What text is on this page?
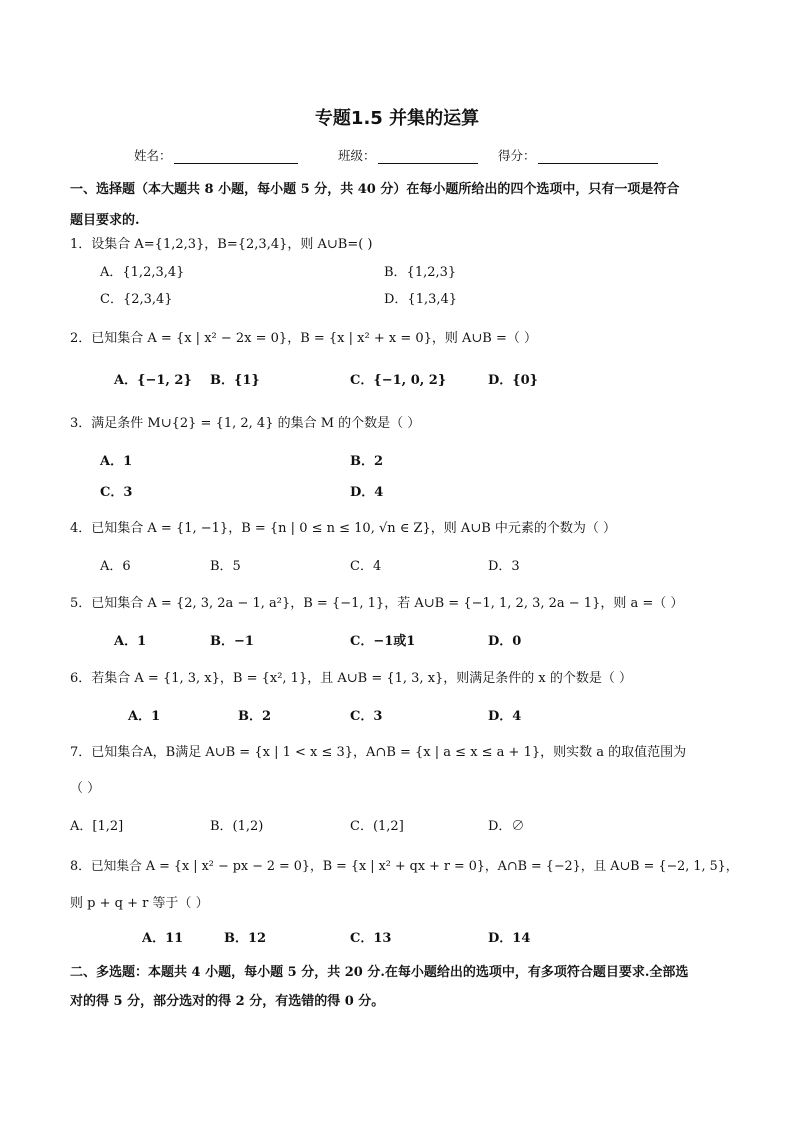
专题1.5 并集的运算
姓名：	班级：	得分：
一、选择题（本大题共 8 小题，每小题 5 分，共 40 分）在每小题所给出的四个选项中，只有一项是符合
题目要求的.
1．设集合 A={1,2,3}，B={2,3,4}，则 A∪B=( )
A．{1,2,3,4}	B．{1,2,3}
C．{2,3,4}	D．{1,3,4}
2．已知集合 A = {x | x² − 2x = 0}，B = {x | x² + x = 0}，则 A∪B =（ ）
A．{−1, 2} B．{1}	C．{−1, 0, 2}	D．{0}
3．满足条件 M∪{2} = {1, 2, 4} 的集合 M 的个数是（ ）
A．1	B．2
C．3	D．4
4．已知集合 A = {1, −1}，B = {n | 0 ≤ n ≤ 10, √n ∈ Z}，则 A∪B 中元素的个数为（ ）
A．6	B．5	C．4	D．3
5．已知集合 A = {2, 3, 2a − 1, a²}，B = {−1, 1}，若 A∪B = {−1, 1, 2, 3, 2a − 1}，则 a =（ ）
A．1	B．−1	C．−1或1	D．0
6．若集合 A = {1, 3, x}，B = {x², 1}，且 A∪B = {1, 3, x}，则满足条件的 x 的个数是（ ）
A．1	B．2	C．3	D．4
7．已知集合A，B满足 A∪B = {x | 1 < x ≤ 3}，A∩B = {x | a ≤ x ≤ a + 1}，则实数 a 的取值范围为
（ ）
A．[1,2]	B．(1,2)	C．(1,2]	D．∅
8．已知集合 A = {x | x² − px − 2 = 0}，B = {x | x² + qx + r = 0}，A∩B = {−2}，且 A∪B = {−2, 1, 5}，
则 p + q + r 等于（ ）
A．11	B．12	C．13	D．14
二、多选题：本题共 4 小题，每小题 5 分，共 20 分.在每小题给出的选项中，有多项符合题目要求.全部选
对的得 5 分，部分选对的得 2 分，有选错的得 0 分。
